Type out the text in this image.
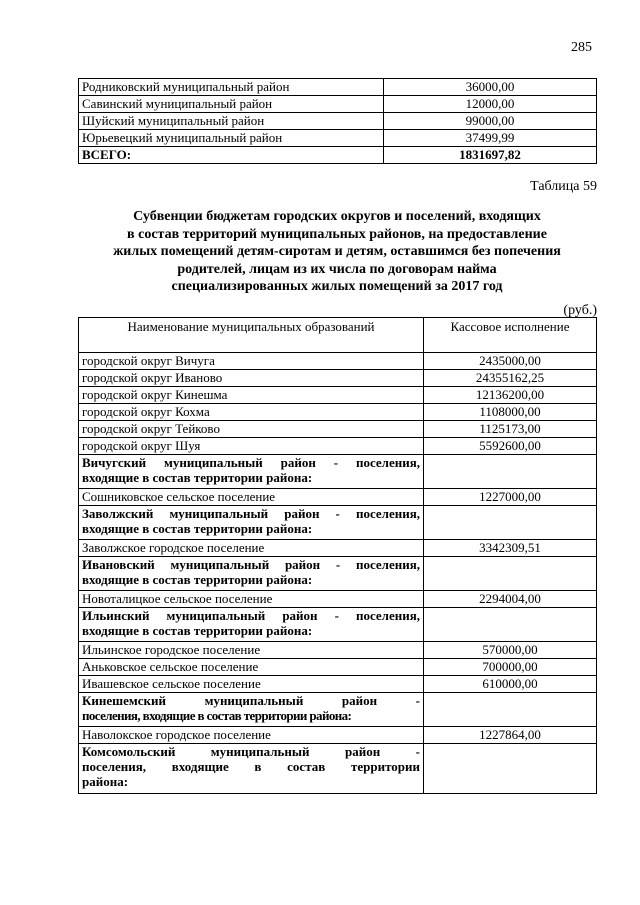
285
Родниковский муниципальный район	36000,00
Савинский муниципальный район	12000,00
Шуйский муниципальный район	99000,00
Юрьевецкий муниципальный район	37499,99
ВСЕГО:	1831697,82
Таблица 59
Субвенции бюджетам городских округов и поселений, входящих
в состав территорий муниципальных районов, на предоставление
жилых помещений детям-сиротам и детям, оставшимся без попечения
родителей, лицам из их числа по договорам найма
специализированных жилых помещений за 2017 год
(руб.)
Наименование муниципальных образований	Кассовое исполнение
городской округ Вичуга	2435000,00
городской округ Иваново	24355162,25
городской округ Кинешма	12136200,00
городской округ Кохма	1108000,00
городской округ Тейково	1125173,00
городской округ Шуя	5592600,00
Вичугский муниципальный район - поселения,

входящие в состав территории района:	

Сошниковское сельское поселение	1227000,00
Заволжский муниципальный район - поселения,

входящие в состав территории района:	

Заволжское городское поселение	3342309,51
Ивановский муниципальный район - поселения,

входящие в состав территории района:	

Новоталицкое сельское поселение	2294004,00
Ильинский муниципальный район - поселения,

входящие в состав территории района:	

Ильинское городское поселение	570000,00
Аньковское сельское поселение	700000,00
Ивашевское сельское поселение	610000,00
Кинешемский муниципальный район -

поселения, входящие в состав территории района:	

Наволокское городское поселение	1227864,00
Комсомольский муниципальный район -
поселения, входящие в состав территории

района:	
